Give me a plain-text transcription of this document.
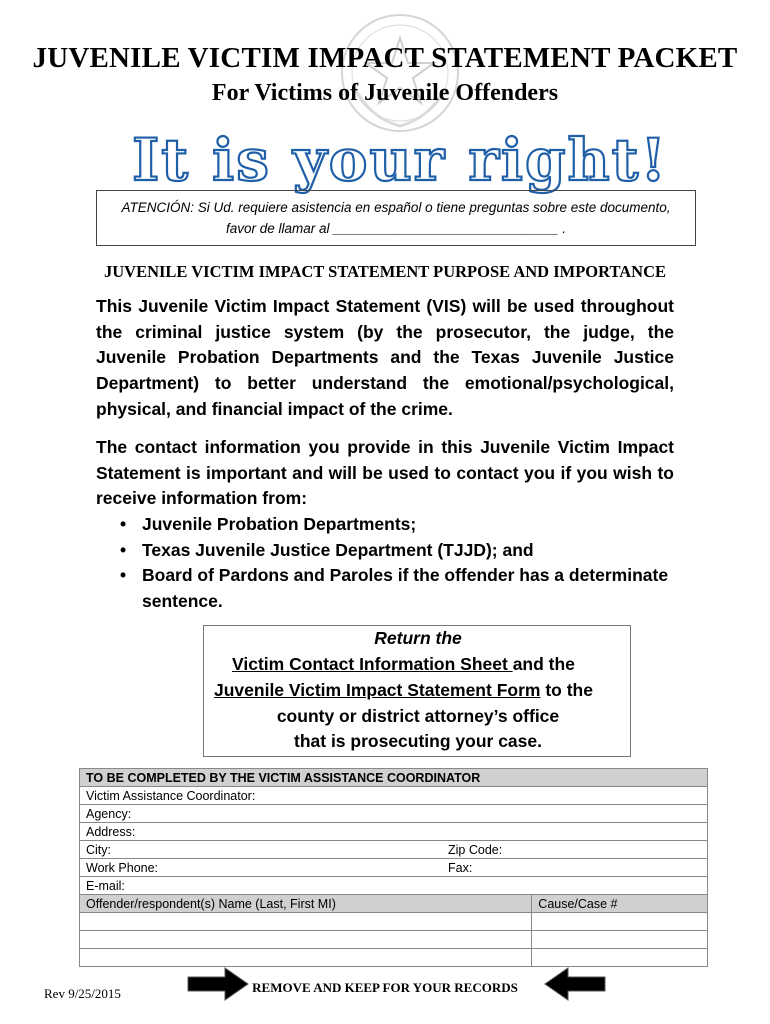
JUVENILE VICTIM IMPACT STATEMENT PACKET
For Victims of Juvenile Offenders
It is your right!
ATENCIÓN: Si Ud. requiere asistencia en español o tiene preguntas sobre este documento,
favor de llamar al ______________________________ .
JUVENILE VICTIM IMPACT STATEMENT PURPOSE AND IMPORTANCE
This Juvenile Victim Impact Statement (VIS) will be used throughout the criminal justice system (by the prosecutor, the judge, the Juvenile Probation Departments and the Texas Juvenile Justice Department) to better understand the emotional/psychological, physical, and financial impact of the crime.
The contact information you provide in this Juvenile Victim Impact Statement is important and will be used to contact you if you wish to receive information from:
• Juvenile Probation Departments;
• Texas Juvenile Justice Department (TJJD); and
• Board of Pardons and Paroles if the offender has a determinate sentence.
Return the
Victim Contact Information Sheet and the
Juvenile Victim Impact Statement Form to the
county or district attorney’s office
that is prosecuting your case.
TO BE COMPLETED BY THE VICTIM ASSISTANCE COORDINATOR	
Victim Assistance Coordinator:	
Agency:	
Address:	
City: Zip Code:	

Work Phone: Fax:	

E-mail:	
Offender/respondent(s) Name (Last, First MI)	Cause/Case #

Rev 9/25/2015	REMOVE AND KEEP FOR YOUR RECORDS
